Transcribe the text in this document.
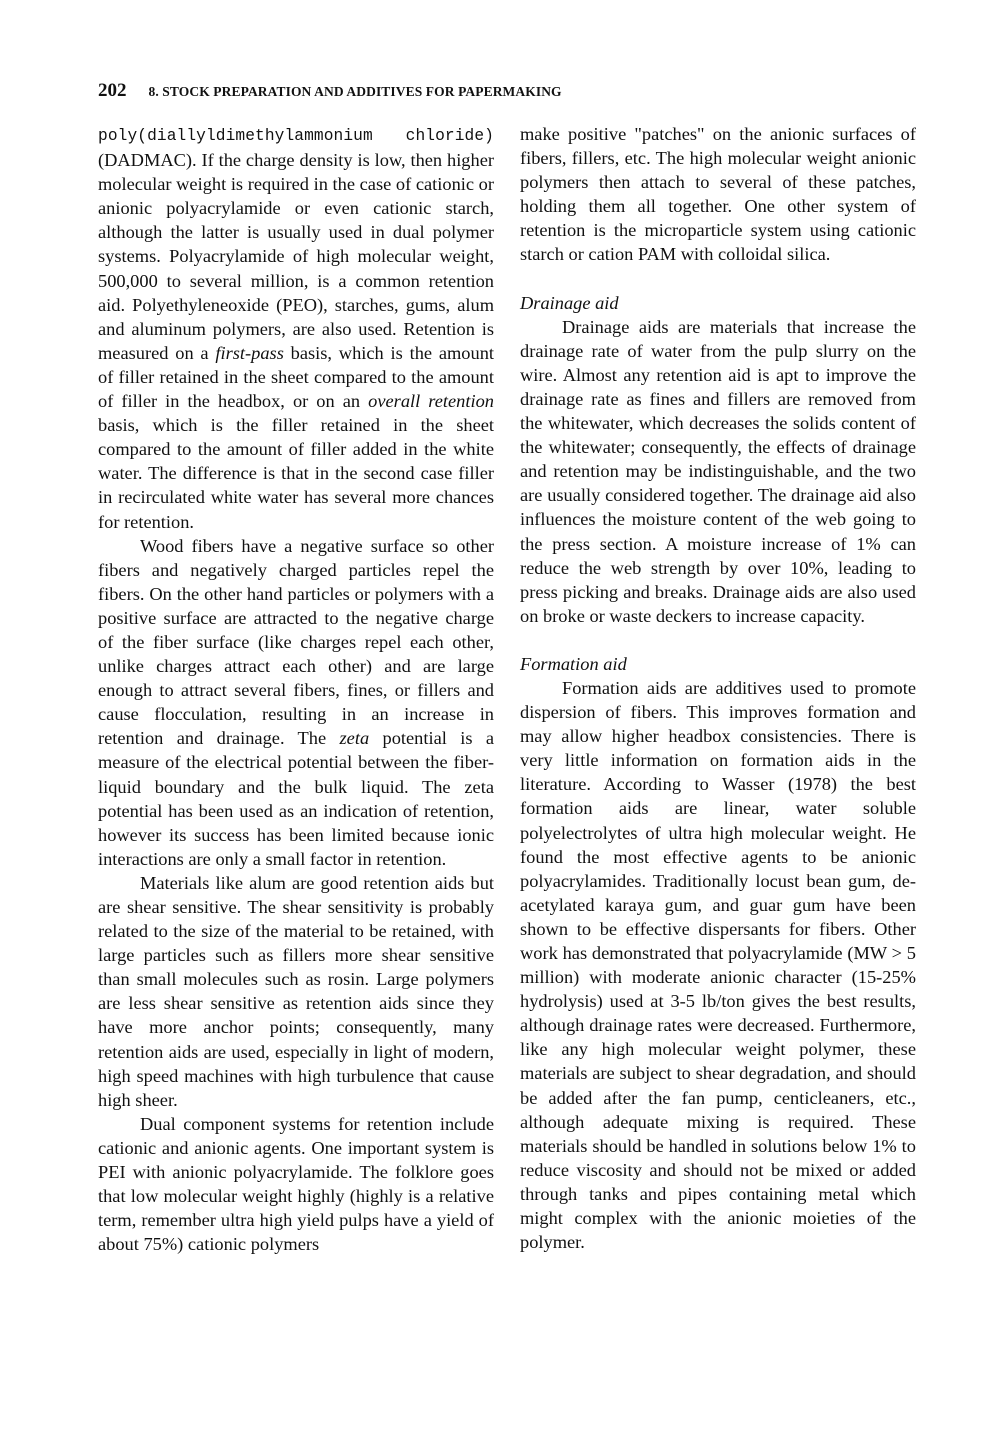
202 8. STOCK PREPARATION AND ADDITIVES FOR PAPERMAKING

poly(diallyldimethylammonium chloride) (DADMAC). If the charge density is low, then higher molecular weight is required in the case of cationic or anionic polyacrylamide or even cationic starch, although the latter is usually used in dual polymer systems. Polyacrylamide of high molecular weight, 500,000 to several million, is a common retention aid. Polyethyleneoxide (PEO), starches, gums, alum and aluminum polymers, are also used. Retention is measured on a first-pass basis, which is the amount of filler retained in the sheet compared to the amount of filler in the headbox, or on an overall retention basis, which is the filler retained in the sheet compared to the amount of filler added in the white water. The difference is that in the second case filler in recirculated white water has several more chances for retention.

Wood fibers have a negative surface so other fibers and negatively charged particles repel the fibers. On the other hand particles or polymers with a positive surface are attracted to the negative charge of the fiber surface (like charges repel each other, unlike charges attract each other) and are large enough to attract several fibers, fines, or fillers and cause flocculation, resulting in an increase in retention and drainage. The zeta potential is a measure of the electrical potential between the fiber-liquid boundary and the bulk liquid. The zeta potential has been used as an indication of retention, however its success has been limited because ionic interactions are only a small factor in retention.

Materials like alum are good retention aids but are shear sensitive. The shear sensitivity is probably related to the size of the material to be retained, with large particles such as fillers more shear sensitive than small molecules such as rosin. Large polymers are less shear sensitive as retention aids since they have more anchor points; consequently, many retention aids are used, especially in light of modern, high speed machines with high turbulence that cause high sheer.

Dual component systems for retention include cationic and anionic agents. One important system is PEI with anionic polyacrylamide. The folklore goes that low molecular weight highly (highly is a relative term, remember ultra high yield pulps have a yield of about 75%) cationic polymers

make positive "patches" on the anionic surfaces of fibers, fillers, etc. The high molecular weight anionic polymers then attach to several of these patches, holding them all together. One other system of retention is the microparticle system using cationic starch or cation PAM with colloidal silica.

Drainage aid

Drainage aids are materials that increase the drainage rate of water from the pulp slurry on the wire. Almost any retention aid is apt to improve the drainage rate as fines and fillers are removed from the whitewater, which decreases the solids content of the whitewater; consequently, the effects of drainage and retention may be indistinguishable, and the two are usually considered together. The drainage aid also influences the moisture content of the web going to the press section. A moisture increase of 1% can reduce the web strength by over 10%, leading to press picking and breaks. Drainage aids are also used on broke or waste deckers to increase capacity.

Formation aid

Formation aids are additives used to promote dispersion of fibers. This improves formation and may allow higher headbox consistencies. There is very little information on formation aids in the literature. According to Wasser (1978) the best formation aids are linear, water soluble polyelectrolytes of ultra high molecular weight. He found the most effective agents to be anionic polyacrylamides. Traditionally locust bean gum, de-acetylated karaya gum, and guar gum have been shown to be effective dispersants for fibers. Other work has demonstrated that polyacrylamide (MW > 5 million) with moderate anionic character (15-25% hydrolysis) used at 3-5 lb/ton gives the best results, although drainage rates were decreased. Furthermore, like any high molecular weight polymer, these materials are subject to shear degradation, and should be added after the fan pump, centicleaners, etc., although adequate mixing is required. These materials should be handled in solutions below 1% to reduce viscosity and should not be mixed or added through tanks and pipes containing metal which might complex with the anionic moieties of the polymer.
